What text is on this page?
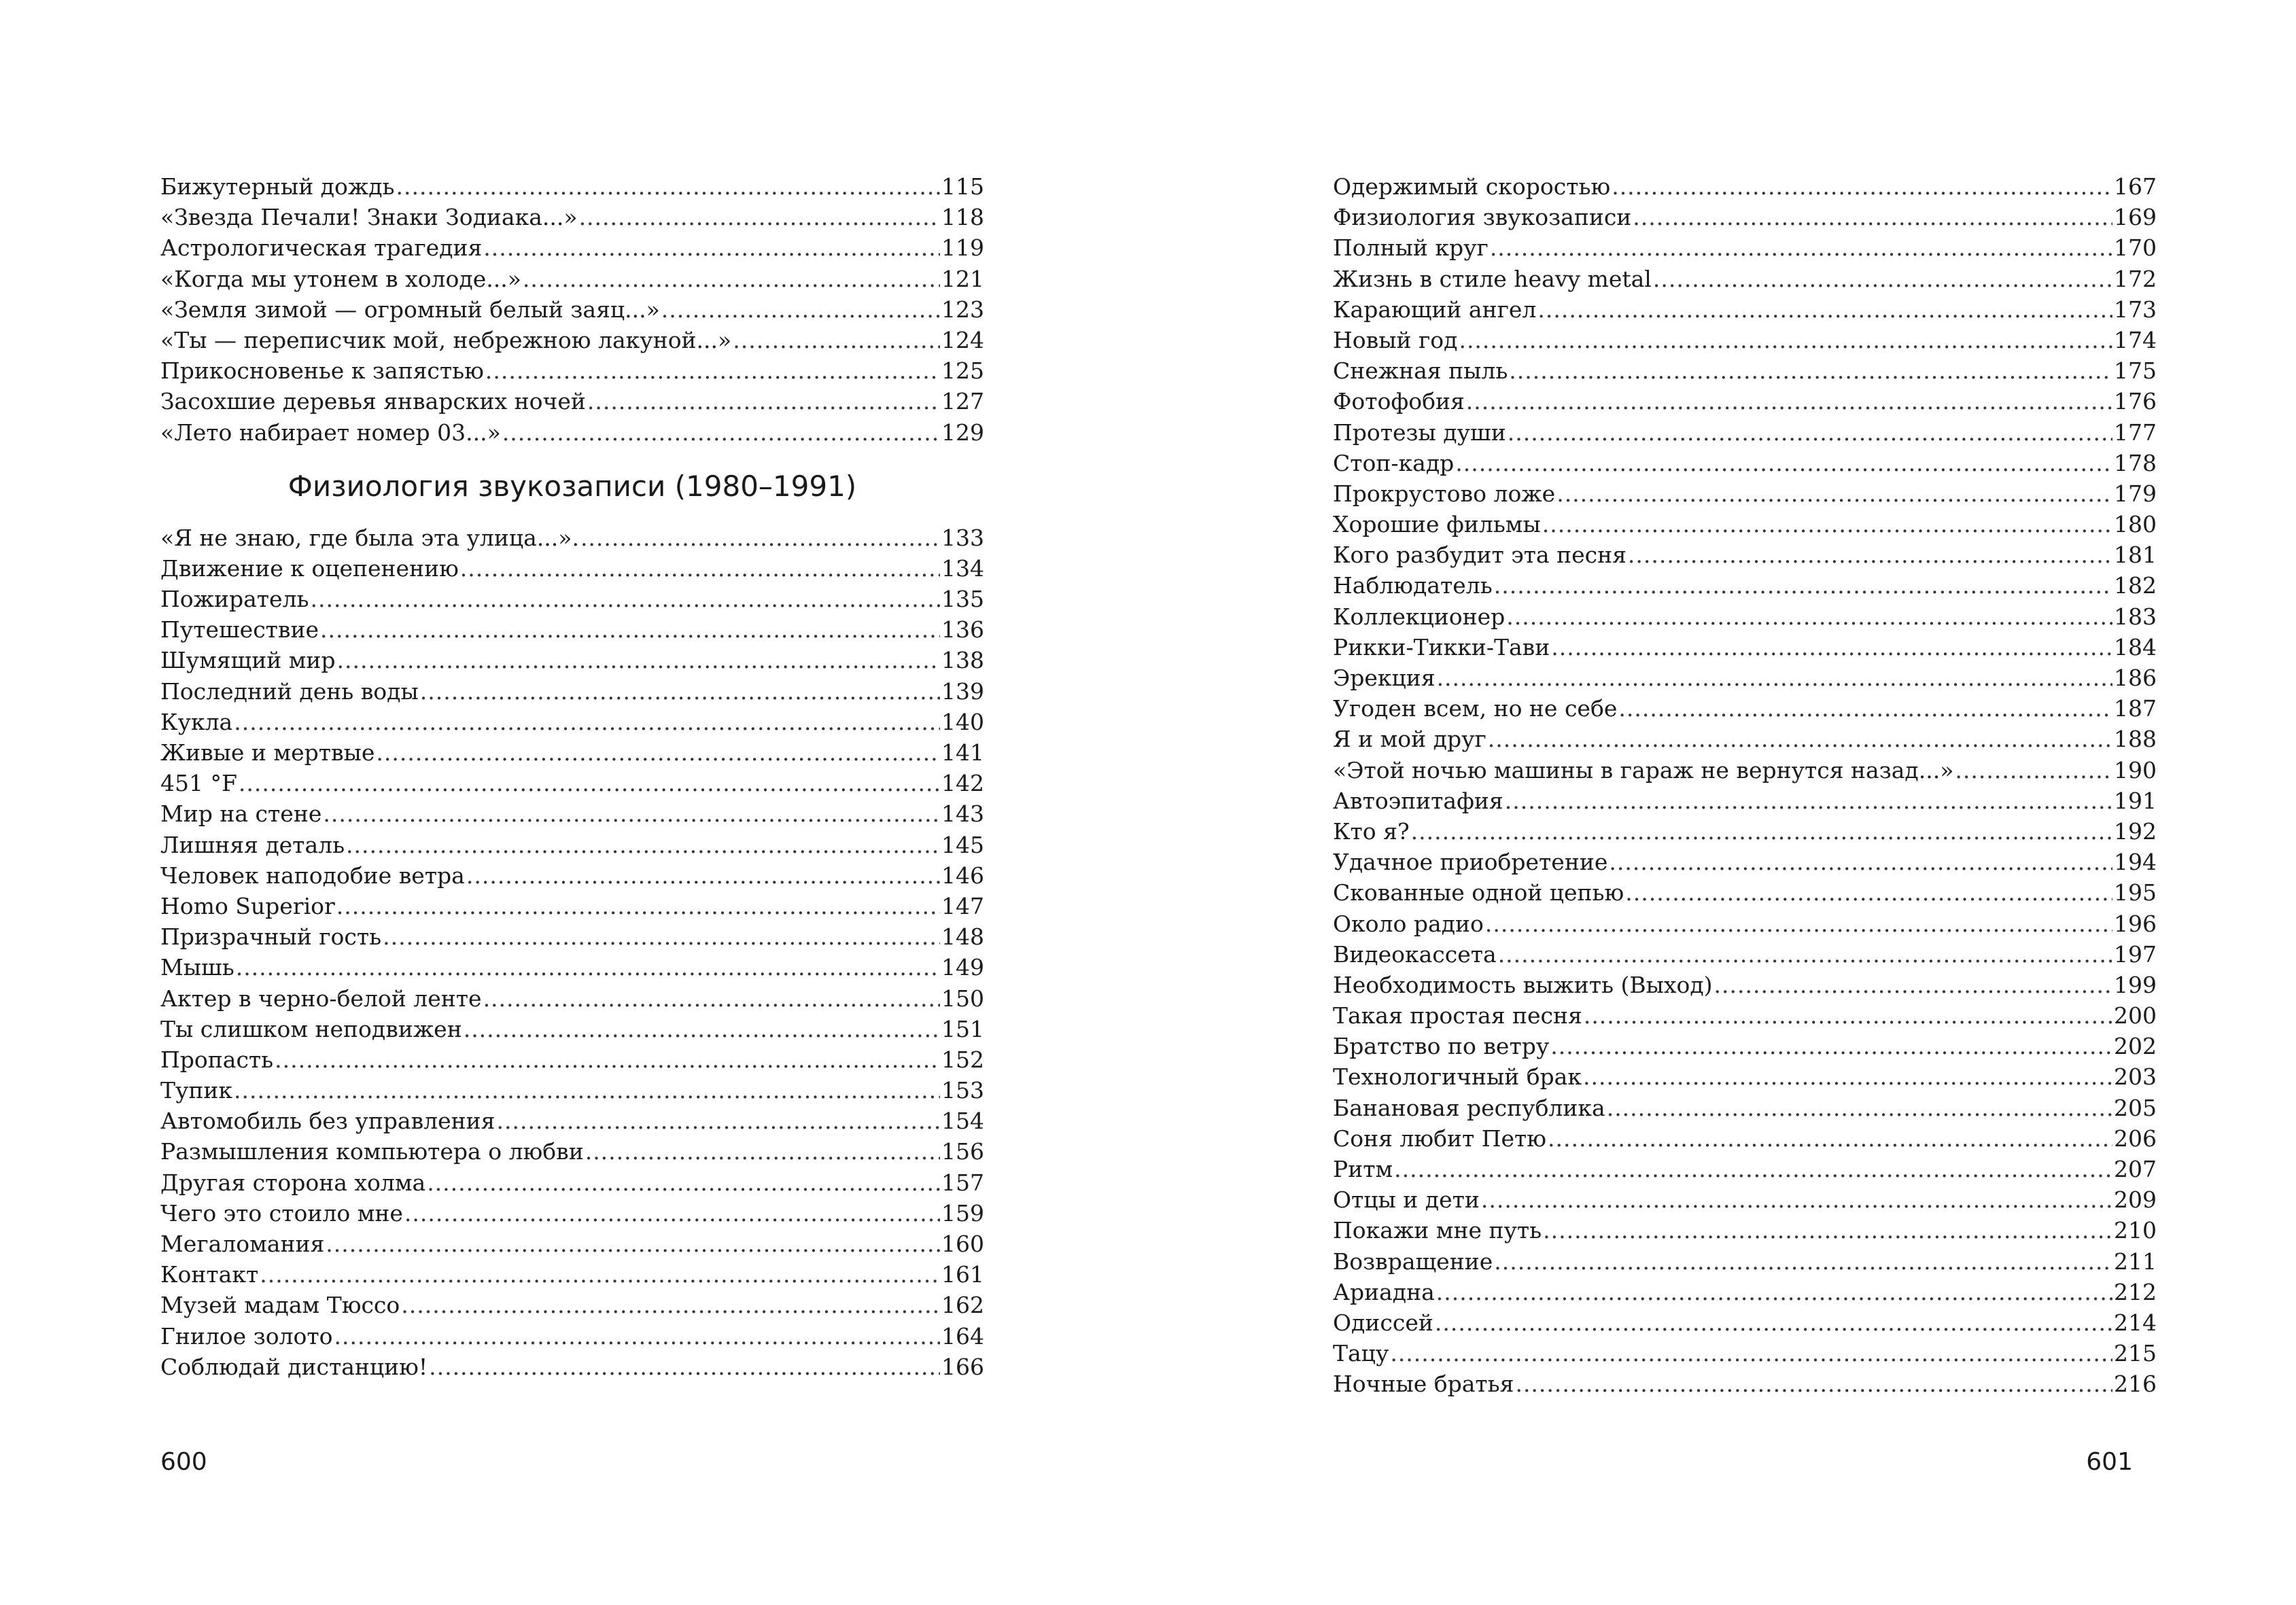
Бижутерный дождь .....	115
«Звезда Печали! Знаки Зодиака...» .....	118
Астрологическая трагедия .....	119
«Когда мы утонем в холоде...» .....	121
«Земля зимой — огромный белый заяц...» .....	123
«Ты — переписчик мой, небрежною лакуной...» .....	124
Прикосновенье к запястью .....	125
Засохшие деревья январских ночей .....	127
«Лето набирает номер 03...» .....	129
Физиология звукозаписи (1980–1991)
«Я не знаю, где была эта улица...». .....	133
Движение к оцепенению .....	134
Пожиратель .....	135
Путешествие .....	136
Шумящий мир .....	138
Последний день воды .....	139
Кукла .....	140
Живые и мертвые .....	141
451 °F .....	142
Мир на стене .....	143
Лишняя деталь .....	145
Человек наподобие ветра .....	146
Homo Superior .....	147
Призрачный гость .....	148
Мышь .....	149
Актер в черно-белой ленте .....	150
Ты слишком неподвижен .....	151
Пропасть .....	152
Тупик .....	153
Автомобиль без управления .....	154
Размышления компьютера о любви .....	156
Другая сторона холма .....	157
Чего это стоило мне .....	159
Мегаломания .....	160
Контакт .....	161
Музей мадам Тюссо .....	162
Гнилое золото .....	164
Соблюдай дистанцию! .....	166
600
Одержимый скоростью .....	167
Физиология звукозаписи .....	169
Полный круг .....	170
Жизнь в стиле heavy metal .....	172
Карающий ангел .....	173
Новый год .....	174
Снежная пыль .....	175
Фотофобия .....	176
Протезы души .....	177
Стоп-кадр .....	178
Прокрустово ложе .....	179
Хорошие фильмы .....	180
Кого разбудит эта песня .....	181
Наблюдатель .....	182
Коллекционер .....	183
Рикки-Тикки-Тави .....	184
Эрекция .....	186
Угоден всем, но не себе .....	187
Я и мой друг .....	188
«Этой ночью машины в гараж не вернутся назад...» .....	190
Автоэпитафия .....	191
Кто я? .....	192
Удачное приобретение .....	194
Скованные одной цепью .....	195
Около радио .....	196
Видеокассета .....	197
Необходимость выжить (Выход) .....	199
Такая простая песня .....	200
Братство по ветру .....	202
Технологичный брак .....	203
Банановая республика .....	205
Соня любит Петю .....	206
Ритм .....	207
Отцы и дети .....	209
Покажи мне путь .....	210
Возвращение .....	211
Ариадна .....	212
Одиссей .....	214
Тацу .....	215
Ночные братья .....	216
601
